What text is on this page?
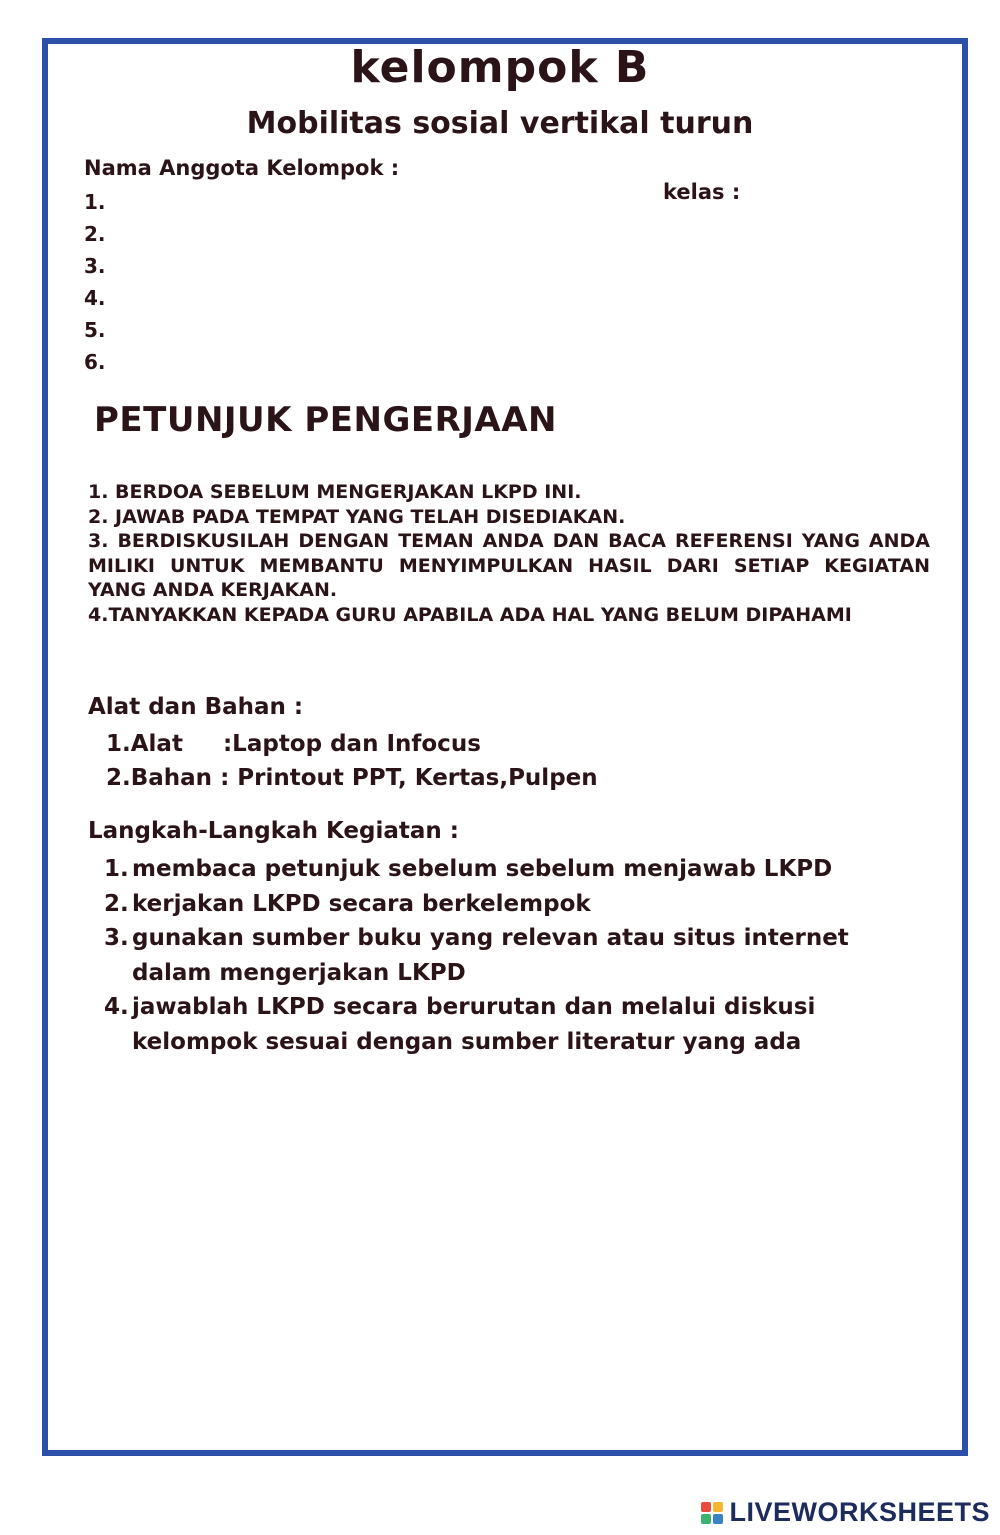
kelompok B
Mobilitas sosial vertikal turun
Nama Anggota Kelompok :
kelas :
1.
2.
3.
4.
5.
6.
PETUNJUK PENGERJAAN

1. BERDOA SEBELUM MENGERJAKAN LKPD INI.

2. JAWAB PADA TEMPAT YANG TELAH DISEDIAKAN.

3. BERDISKUSILAH DENGAN TEMAN ANDA DAN BACA REFERENSI YANG ANDA MILIKI UNTUK MEMBANTU MENYIMPULKAN HASIL DARI SETIAP KEGIATAN YANG ANDA KERJAKAN.

4.TANYAKKAN KEPADA GURU APABILA ADA HAL YANG BELUM DIPAHAMI

Alat dan Bahan :
1.Alat     :Laptop dan Infocus
2.Bahan : Printout PPT, Kertas,Pulpen
Langkah-Langkah Kegiatan :
1. membaca petunjuk sebelum sebelum menjawab LKPD
2. kerjakan LKPD secara berkelempok
3. gunakan sumber buku yang relevan atau situs internet dalam mengerjakan LKPD
4. jawablah LKPD secara berurutan dan melalui diskusi kelompok sesuai dengan sumber literatur yang ada
LIVEWORKSHEETS
